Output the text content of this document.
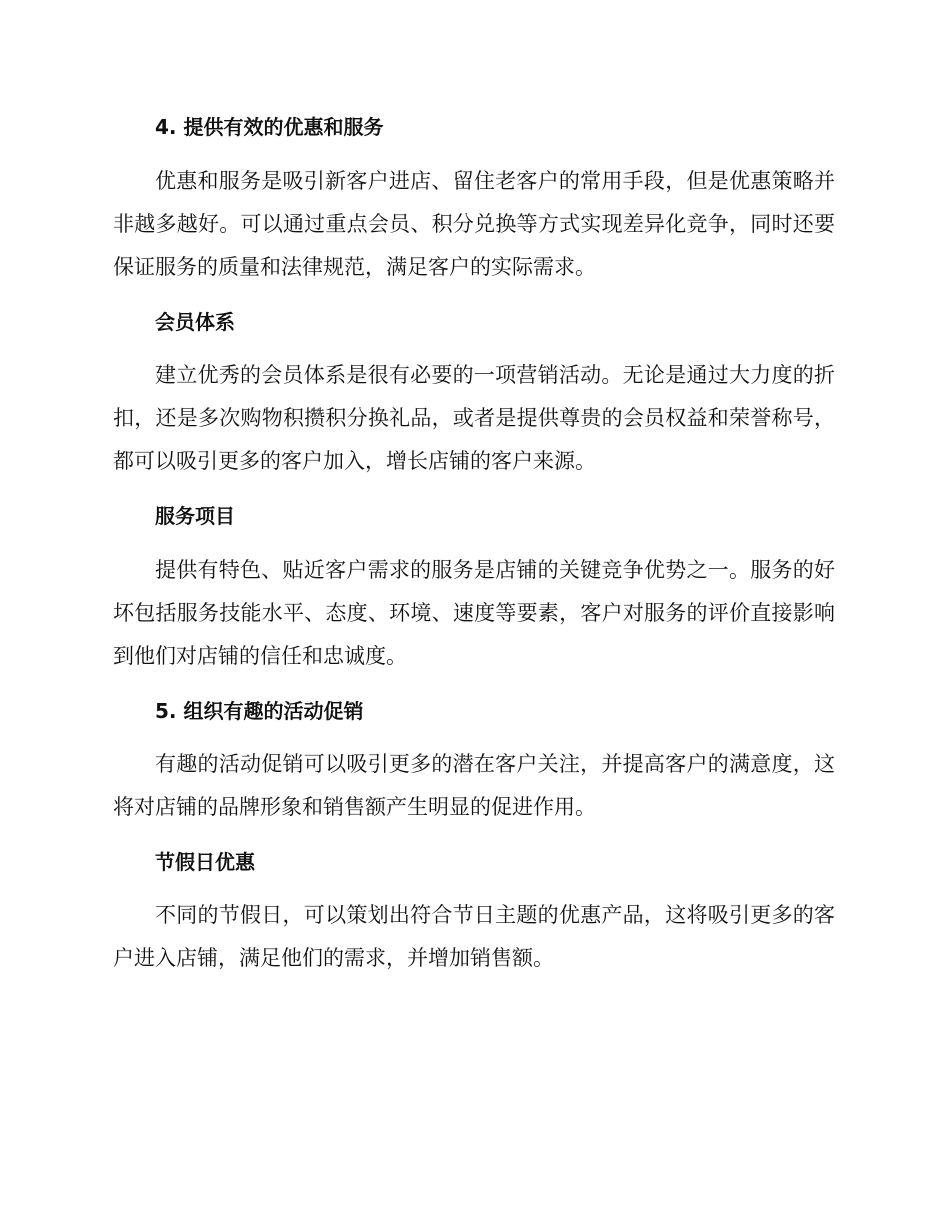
4. 提供有效的优惠和服务

优惠和服务是吸引新客户进店、留住老客户的常用手段，但是优惠策略并非越多越好。可以通过重点会员、积分兑换等方式实现差异化竞争，同时还要保证服务的质量和法律规范，满足客户的实际需求。

会员体系

建立优秀的会员体系是很有必要的一项营销活动。无论是通过大力度的折扣，还是多次购物积攒积分换礼品，或者是提供尊贵的会员权益和荣誉称号，都可以吸引更多的客户加入，增长店铺的客户来源。

服务项目

提供有特色、贴近客户需求的服务是店铺的关键竞争优势之一。服务的好坏包括服务技能水平、态度、环境、速度等要素，客户对服务的评价直接影响到他们对店铺的信任和忠诚度。

5. 组织有趣的活动促销

有趣的活动促销可以吸引更多的潜在客户关注，并提高客户的满意度，这将对店铺的品牌形象和销售额产生明显的促进作用。

节假日优惠

不同的节假日，可以策划出符合节日主题的优惠产品，这将吸引更多的客户进入店铺，满足他们的需求，并增加销售额。
